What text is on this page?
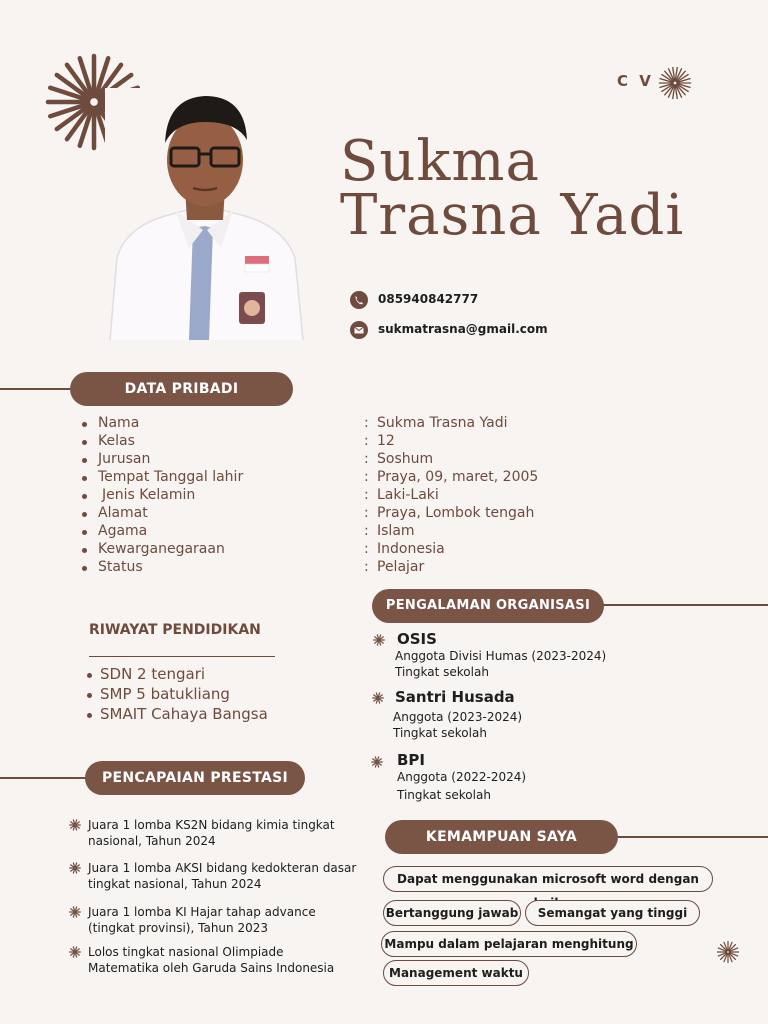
C V
Sukma
Trasna Yadi
085940842777
sukmatrasna@gmail.com
DATA PRIBADI
Nama	: Sukma Trasna Yadi
Kelas	: 12
Jurusan	: Soshum
Tempat Tanggal lahir	: Praya, 09, maret, 2005
Jenis Kelamin	: Laki-Laki
Alamat	: Praya, Lombok tengah
Agama	: Islam
Kewarganegaraan	: Indonesia
Status	: Pelajar
RIWAYAT PENDIDIKAN
SDN 2 tengari
SMP 5 batukliang
SMAIT Cahaya Bangsa
PENCAPAIAN PRESTASI
Juara 1 lomba KS2N bidang kimia tingkat nasional, Tahun 2024
Juara 1 lomba AKSI bidang kedokteran dasar tingkat nasional, Tahun 2024
Juara 1 lomba KI Hajar tahap advance (tingkat provinsi), Tahun 2023
Lolos tingkat nasional Olimpiade Matematika oleh Garuda Sains Indonesia
PENGALAMAN ORGANISASI
OSIS
Anggota Divisi Humas (2023-2024)
Tingkat sekolah
Santri Husada
Anggota (2023-2024)
Tingkat sekolah
BPI
Anggota (2022-2024)
Tingkat sekolah
KEMAMPUAN SAYA
Dapat menggunakan microsoft word dengan
Bertanggung jawab	Semangat yang tinggi
Mampu dalam pelajaran menghitung
Management waktu
